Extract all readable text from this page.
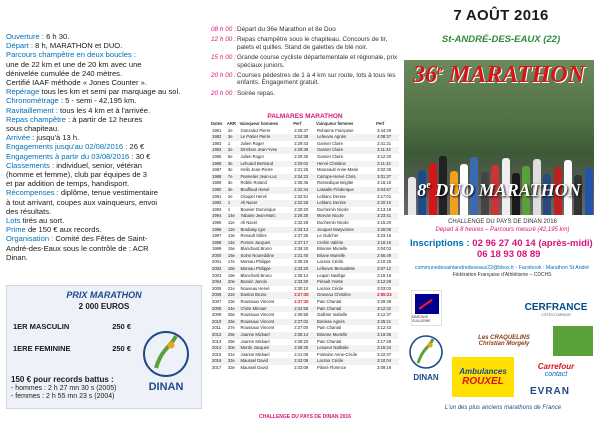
Ouverture : 6 h 30.
Départ : 8 h, MARATHON et DUO.
Parcours champêtre en deux boucles :
une de 22 km et une de 20 km avec une
dénivelée cumulée de 240 mètres.
Certifié IAAF méthode « Jones Counter ».
Repérage tous les km et semi par marquage au sol.
Chronométrage : 5 - semi - 42,195 km.
Ravitaillement : tous les 4 km et à l'arrivée.
Repas champêtre : à partir de 12 heures
sous chapiteau.
Arrivée : jusqu'à 13 h.
Engagements jusqu'au 02/08/2016 : 26 €
Engagements à partir du 03/08/2016 : 30 €
Classements : individuel, senior, vétéran
(homme et femme), club par équipes de 3
et par addition de temps, handisport.
Récompenses : diplôme, tenue vestimentaire
à tout arrivant, coupes aux vainqueurs, envoi
des résultats.
Lots tirés au sort.
Prime de 150 € aux records.
Organisation : Comité des Fêtes de Saint-
André-des-Eaux sous le contrôle de : ACR
Dinan.
PRIX MARATHON
2 000 EUROS
1ER MASCULIN	250 €
1ERE FEMININE	250 €
150 € pour records battus :
- hommes : 2 h 27 mn 30 s (2005)
- femmes : 2 h 55 mn 23 s (2004)
DINAN
08 h 00 : Départ du 36e Marathon et 8e Duo
12 h 00 : Repas champêtre sous le chapiteau. Concours de tir, palets et quilles. Stand de galettes de blé noir.
15 h 00 : Grande course cycliste départementale et régionale, prix spéciaux juniors.
20 h 00 : Courses pédestres de 1 à 4 km sur route, lots à tous les enfants. Engagement gratuit.
20 h 00 : Soirée repas.
PALMARES MARATHON
Dates	ARR	Vainqueur hommes	Perf	Vainqueur femmes	Perf
1981	2e	Gonzalez Pierre	2:25:47	Rohanne Françoise	3:44:29
1982	3e	Le Poitier Pierre	2:24:38	Lefeuvre Agnès	4:08:37
1983	1	Julien Roger	2:29:43	Garnier Claire	3:41:31
1984	2e	Dirmbon Jean-Yves	2:29:38	Garnier Claire	3:11:43
1985	5e	Julien Roger	2:29:30	Garnier Claire	3:12:20
1986	3e	Lehuard Bertrand	2:29:02	Hervé Christine	3:11:43
1987	3e	Hello Jean-Pierre	2:31:25	Moureault Anne-Marie	3:02:35
1988	7e	Pannetier Jean-Luc	2:34:22	Catrope-Hervé Chris.	3:01:37
1989	3e	Roblin Roland	2:35:46	Rossedique Brigitte	3:16:18
1990	3e	Bouffaud Hervé	2:32:44	Lassalle Fréderique	3:04:57
1991	2e	Cloupel Hervé	2:32:51	Leblanc Denise	3:17:01
1992	1	Ali Nacer	2:32:26	Leblanc Denise	3:20:10
1993	1	Bouvier Dominique	2:28:20	Duchemin Nicole	3:13:18
1994	14e	Yabane Jean-Marc	2:26:30	Morvan Nicole	3:23:41
1995	11e	Ali Nacer	2:32:28	Duchemin Nicole	3:15:20
1996	12e	Bradalay Igor	2:33:13	Jouquet Maryvonne	3:26:06
1997	13e	Renault Gilles	2:37:35	Le Guilcher	3:23:16
1998	14e	Pomes Jacques	2:37:17	Crehin Valérie	3:16:16
1999	15e	Blanchard Bruno	2:36:20	Brianne Murielle	3:04:03
2000	16e	Soinn Noureddine	2:31:40	Briane Murielle	2:56:49
2001	17e	Moreau Philippe	2:36:29	Lacroix Cécile	3:10:25
2002	18e	Moreau Philippe	2:33:20	Lefeuvre Bernadette	3:07:12
2003	19e	Blanchard Bruno	2:35:14	Lequin Nadège	3:16:18
2004	20e	Banoin Janoin	2:33:30	Pérault Yvette	3:12:28
2005	21e	Nouveau Hervé	2:30:10	Lacroix Cécile	3:03:03
2006	22e	Danton Bruno	2:27:30	Graveau Christine	2:55:23
2007	23e	Roussaux Vincent	2:37:30	Pain Chantal	3:29:38
2008	24e	Christ Mirouer	2:34:58	Pain Chantal	3:12:32
2009	25e	Roussaux Vincent	2:36:58	Gallmer Isabelle	3:12:37
2010	26e	Roussaux Vincent	2:37:02	Bonisse Agnès	3:25:21
2011	27e	Roussaux Vincent	2:37:00	Pain Chantal	3:12:43
2012	28e	Joanne Mickael	2:35:14	Brianne Murielle	3:19:35
2013	29e	Joanne Mickael	2:38:20	Pain Chantal	3:17:28
2014	30e	Morde Jacques	2:39:30	Lesueur Nathalie	3:15:34
2015	31e	Joanne Mickael	2:41:08	Fontaine Anne-Cécile	3:22:37
2016	32e	Maussel David	2:42:08	Lacroix Cécile	3:10:04
2017	33e	Maussel David	2:43:08	Pilonè Florence	3:09:19
CHALLENGE DU PAYS DE DINAN 2016
7 AOÛT 2016
St-ANDRÉ-DES-EAUX (22)
36e MARATHON
8e DUO MARATHON
CHALLENGE DU PAYS DE DINAN 2016
Départ à 8 heures – Parcours mesuré (42,195 km)
Inscriptions : 02 96 27 40 14 (après-midi)
06 18 93 08 89
communedesaintandredeseaux22@bbox.fr - Facebook : Marathon St André
Fédération Française d'Athlétisme – CDCHS
MARCADÉ GUILLERME
CERFRANCE
CÔTES D'ARMOR
DINAN
Les CRAQUELINS Christian Morgely
Ambulances
ROUXEL
Carrefour
contact
EVRAN
L'un des plus anciens marathons de France
